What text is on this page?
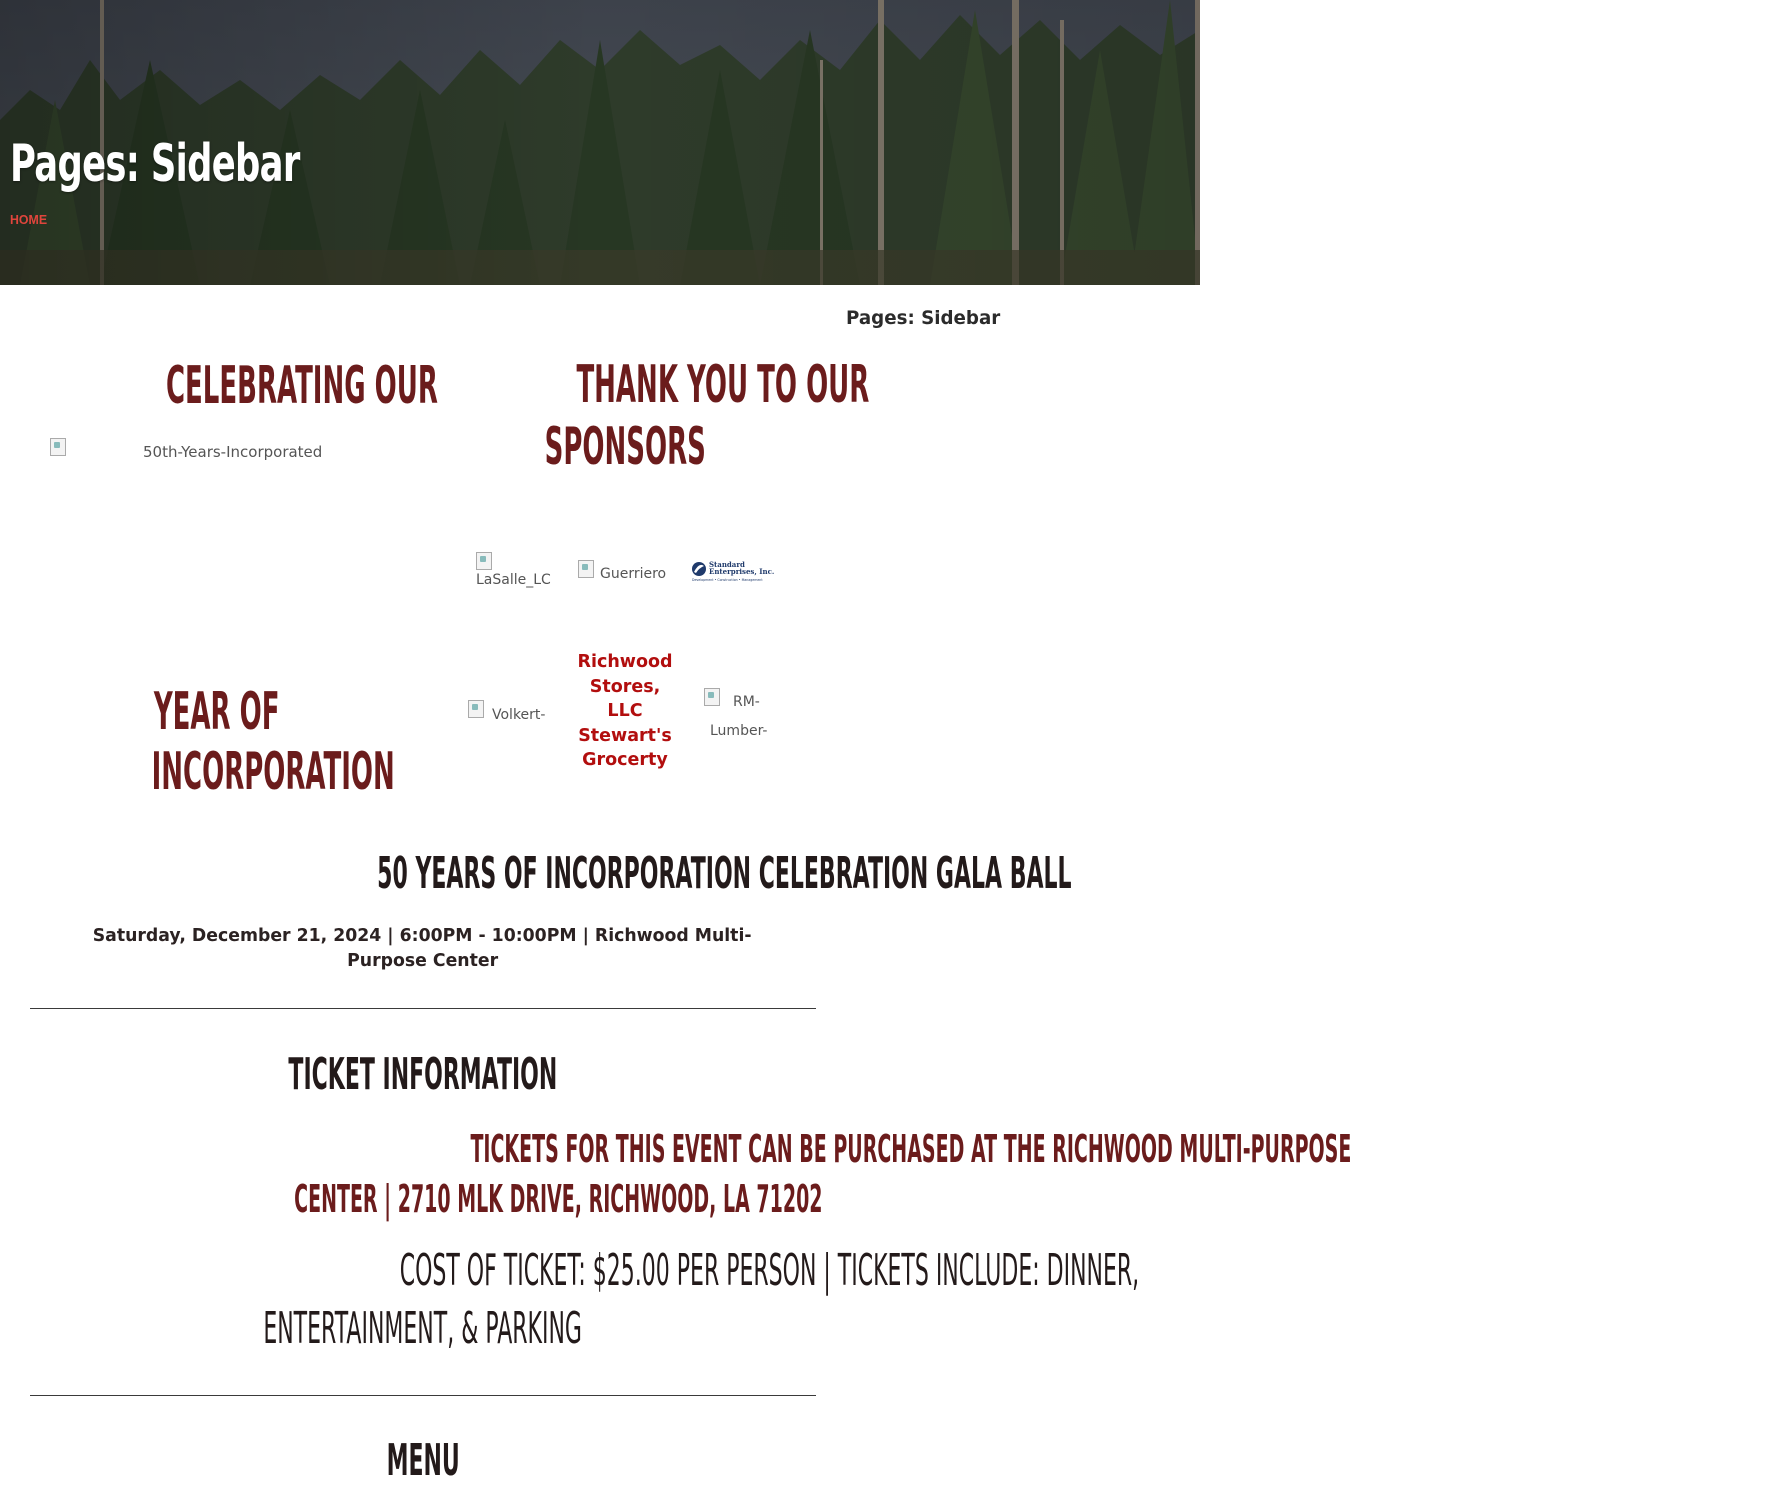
Pages: Sidebar
HOME
Pages: Sidebar
CELEBRATING OUR
50th-Years-Incorporated
YEAR OF
INCORPORATION
THANK YOU TO OUR
SPONSORS
LaSalle_LC	Guerriero
Standard
Enterprises, Inc.
Development • Construction • Management
Volkert-
Richwood
Stores,
LLC
Stewart's
Grocerty
RM-
Lumber-
50 YEARS OF INCORPORATION CELEBRATION GALA BALL

Saturday, December 21, 2024 | 6:00PM - 10:00PM | Richwood Multi-
Purpose Center

TICKET INFORMATION
TICKETS FOR THIS EVENT CAN BE PURCHASED AT THE RICHWOOD MULTI-PURPOSE
CENTER | 2710 MLK DRIVE, RICHWOOD, LA 71202
COST OF TICKET: $25.00 PER PERSON | TICKETS INCLUDE: DINNER,
ENTERTAINMENT, & PARKING
MENU
